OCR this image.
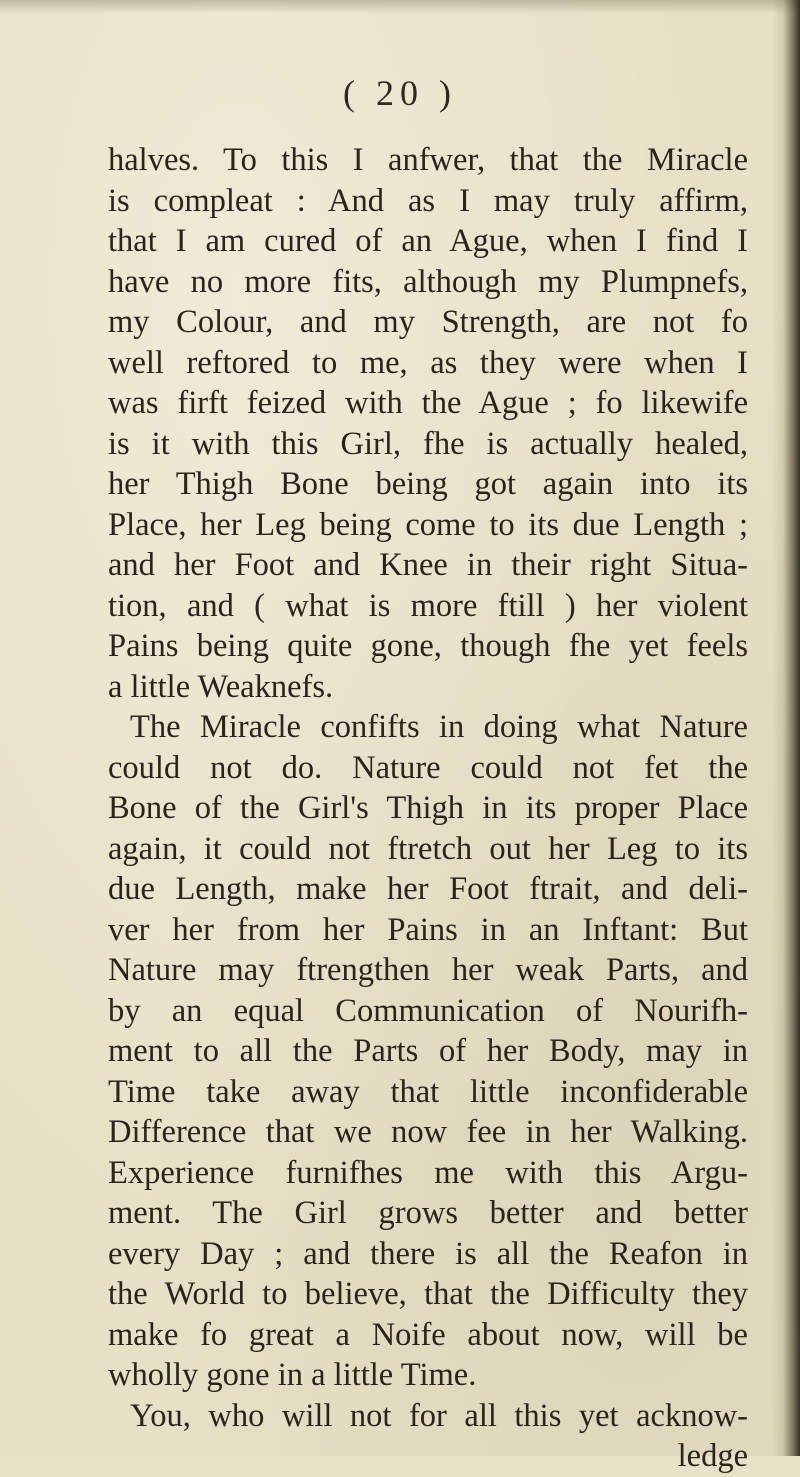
( 20 )
halves. To this I anfwer, that the Miracle
is compleat : And as I may truly affirm,
that I am cured of an Ague, when I find I
have no more fits, although my Plumpnefs,
my Colour, and my Strength, are not fo
well reftored to me, as they were when I
was firft feized with the Ague ; fo likewife
is it with this Girl, fhe is actually healed,
her Thigh Bone being got again into its
Place, her Leg being come to its due Length ;
and her Foot and Knee in their right Situa-
tion, and ( what is more ftill ) her violent
Pains being quite gone, though fhe yet feels
a little Weaknefs.
The Miracle confifts in doing what Nature
could not do. Nature could not fet the
Bone of the Girl's Thigh in its proper Place
again, it could not ftretch out her Leg to its
due Length, make her Foot ftrait, and deli-
ver her from her Pains in an Inftant: But
Nature may ftrengthen her weak Parts, and
by an equal Communication of Nourifh-
ment to all the Parts of her Body, may in
Time take away that little inconfiderable
Difference that we now fee in her Walking.
Experience furnifhes me with this Argu-
ment. The Girl grows better and better
every Day ; and there is all the Reafon in
the World to believe, that the Difficulty they
make fo great a Noife about now, will be
wholly gone in a little Time.
You, who will not for all this yet acknow-
ledge
